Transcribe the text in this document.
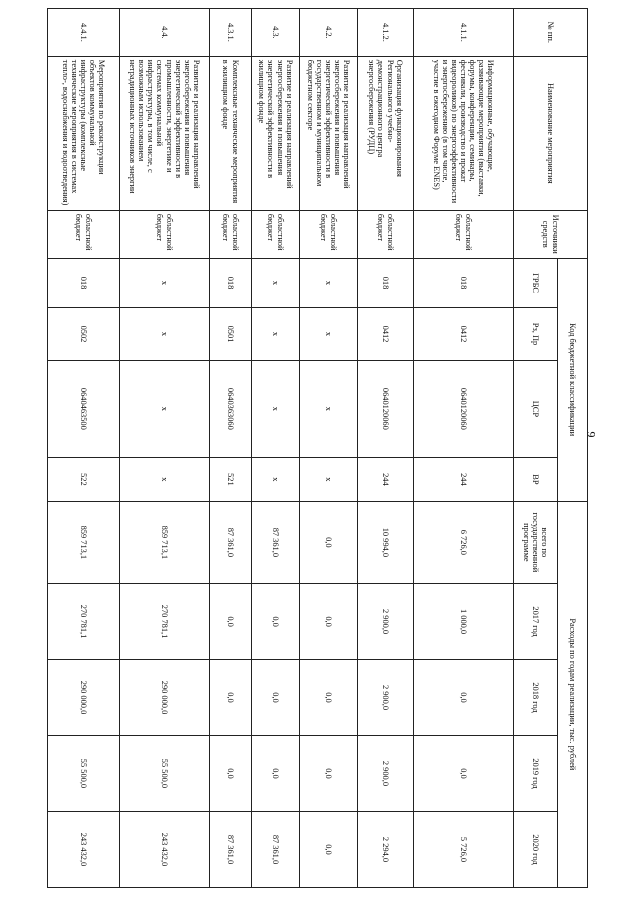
9
№ пп.	Наименование мероприятия	Источники средств	Код бюджетной классификации				Расходы по годам реализации, тыс. рублей				
			ГРБС	Рз, Пр	ЦСР	ВР	всего по государственной программе	2017 год	2018 год	2019 год	2020 год

4.1.1.	Информационные, обучающие, развивающие мероприятия (выставки, форумы, конференции, семинары, фестивали, производство и прокат видеороликов) по энергоэффективности и энергосбережению (в том числе, участие в ежегодном Форуме ENES)	областной бюджет	018	0412	0640120060	244	6 726,0	1 000,0	0,0	0,0	5 726,0
4.1.2.	Организация функционирования Регионального учебно-демонстрационного центра энергосбережения (РУДЦ)	областной бюджет	018	0412	0640120060	244	10 994,0	2 900,0	2 900,0	2 900,0	2 294,0
4.2.	Развитие и реализация направлений энергосбережения и повышения энергетической эффективности в государственном и муниципальном бюджетном секторе	областной бюджет	x	x	x	x	0,0	0,0	0,0	0,0	0,0
4.3.	Развитие и реализация направлений энергосбережения и повышения энергетической эффективности в жилищном фонде	областной бюджет	x	x	x	x	87 361,0	0,0	0,0	0,0	87 361,0
4.3.1.	Комплексные технические мероприятия в жилищном фонде	областной бюджет	018	0501	0640363060	521	87 361,0	0,0	0,0	0,0	87 361,0
4.4.	Развитие и реализация направлений энергосбережения и повышения энергетической эффективности в промышленности, энергетике и системах коммунальной инфраструктуры, в том числе, с возможным использованием нетрадиционных источников энергии	областной бюджет	x	x	x	x	859 713,1	270 781,1	290 000,0	55 500,0	243 432,0
4.4.1.	Мероприятия по реконструкции объектов коммунальной инфраструктуры (комплексные технические мероприятия в системах тепло-, водоснабжения и водоотведения)	областной бюджет	018	0502	0640463500	522	859 713,1	270 781,1	290 000,0	55 500,0	243 432,0
